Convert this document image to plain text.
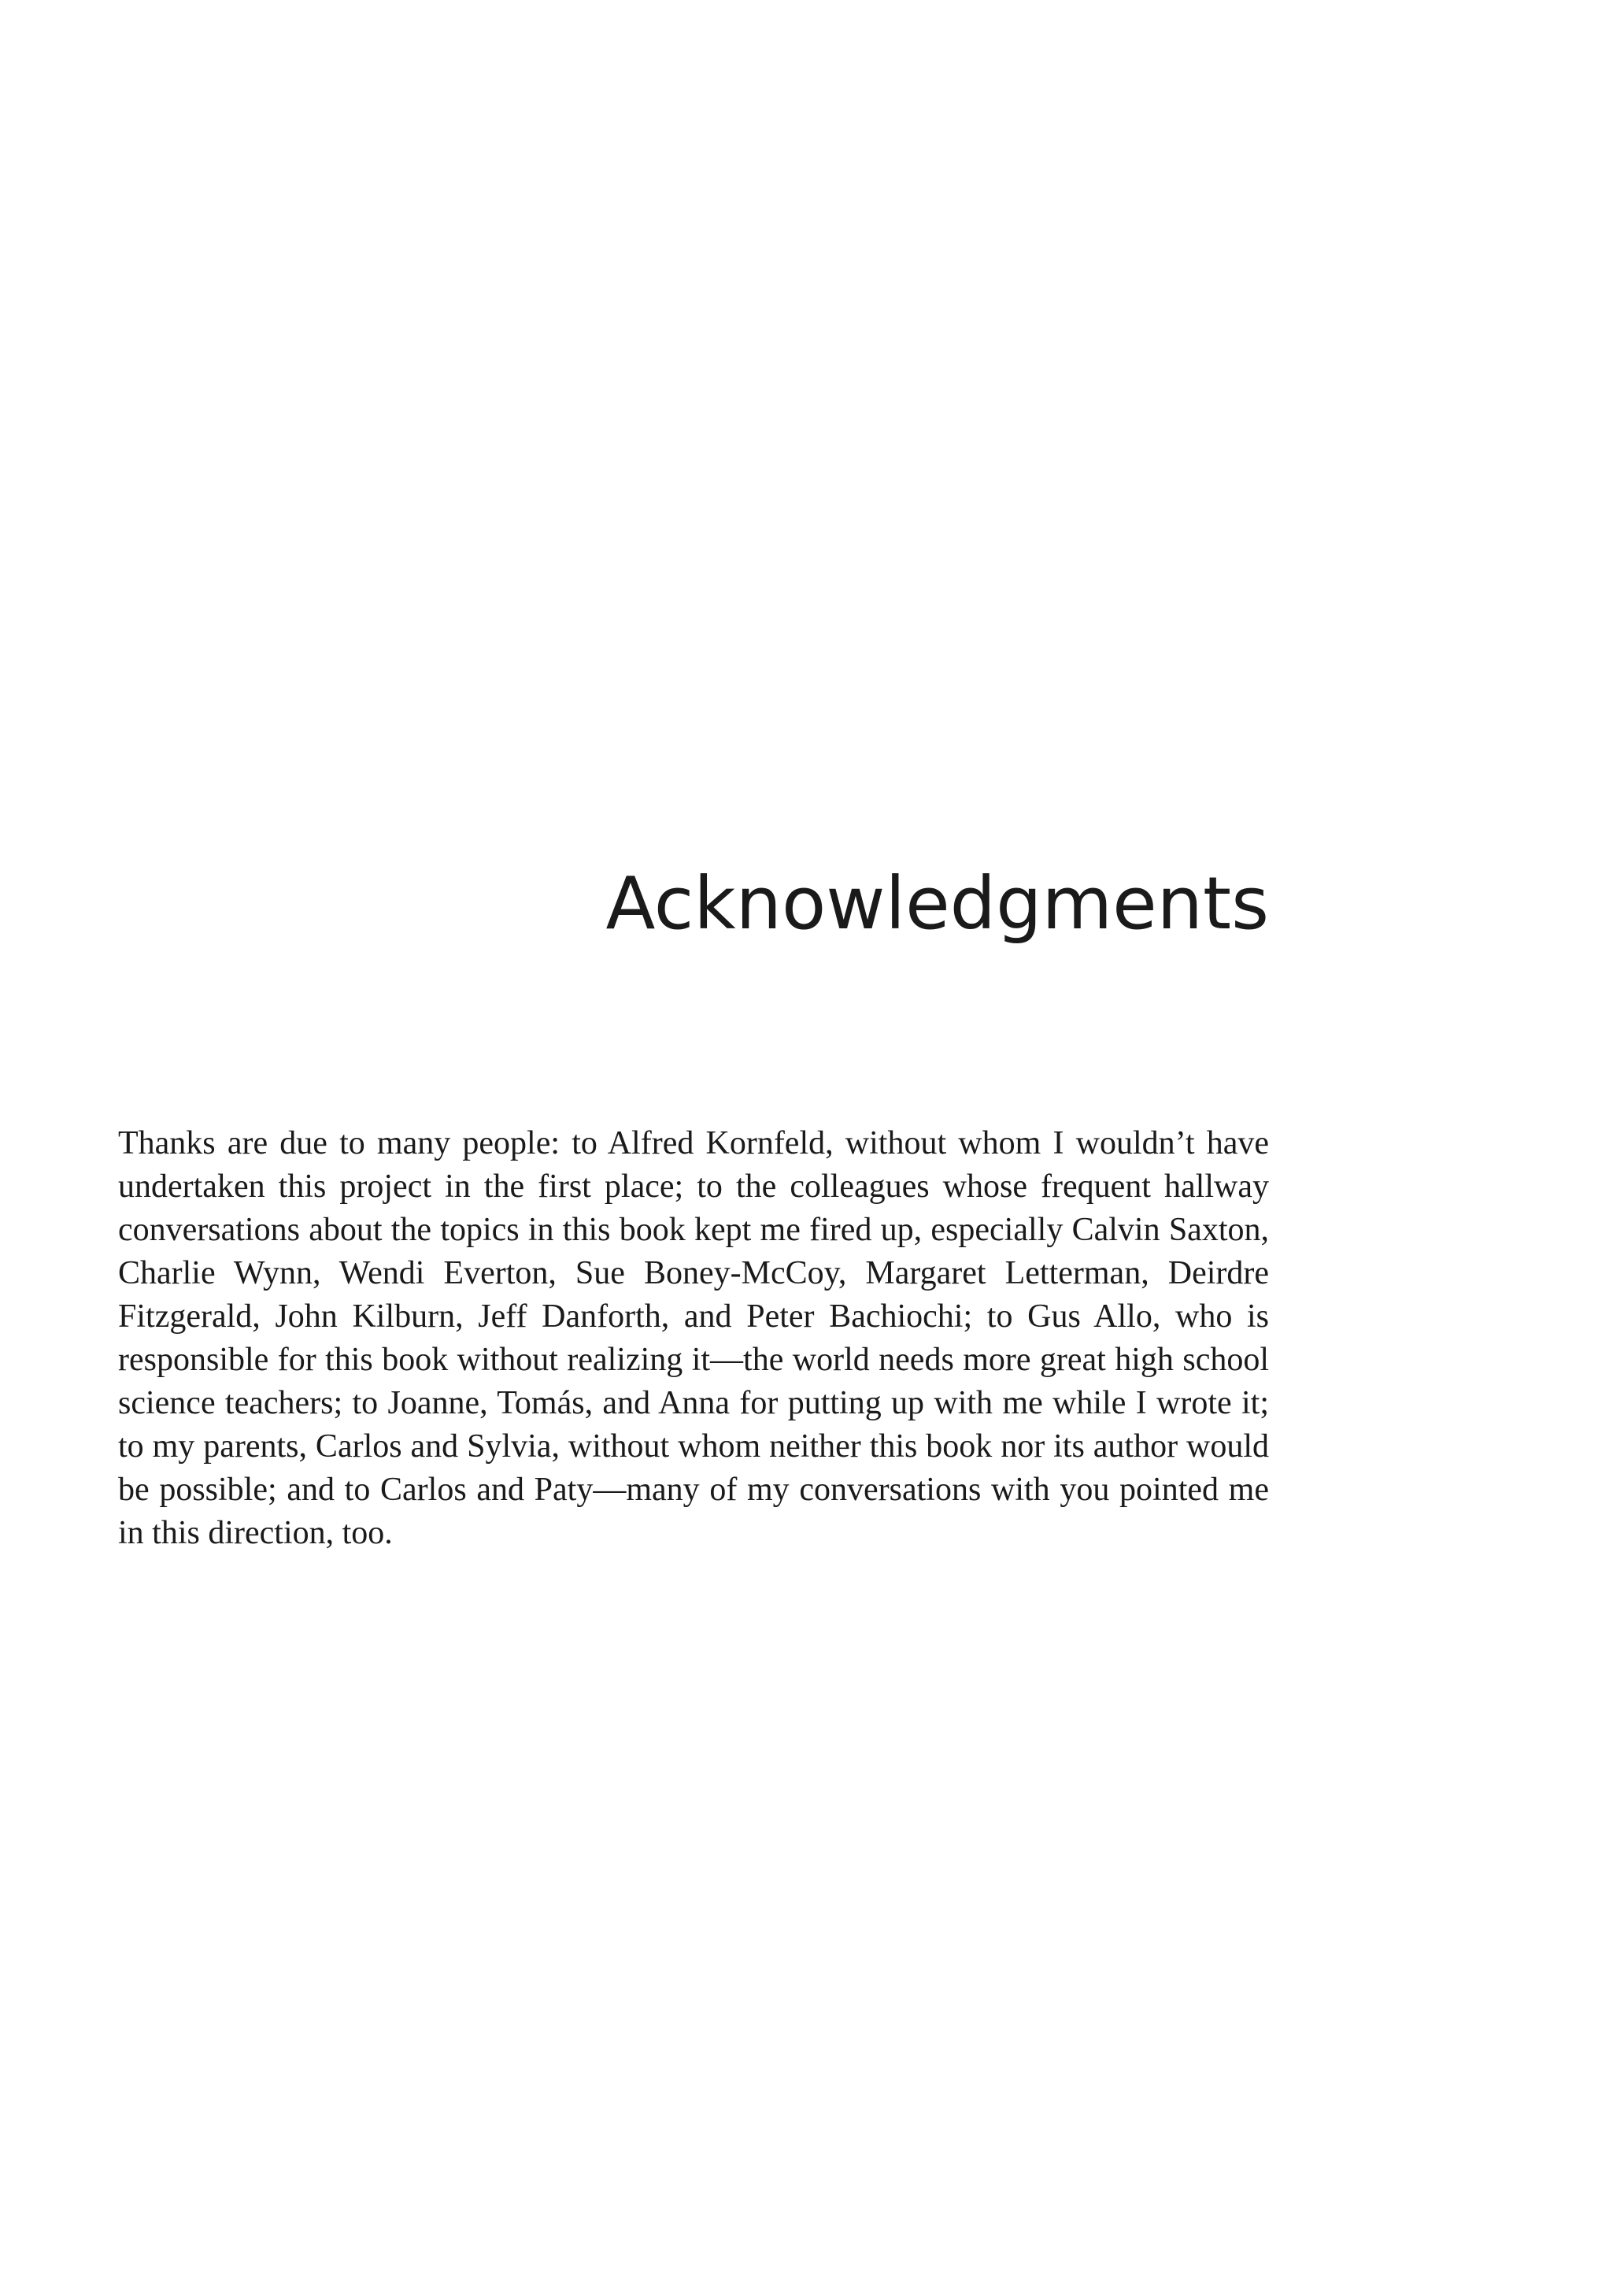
Acknowledgments

Thanks are due to many people: to Alfred Kornfeld, without whom I wouldn’t have undertaken this project in the first place; to the colleagues whose frequent hallway conversations about the topics in this book kept me fired up, especially Calvin Saxton, Charlie Wynn, Wendi Everton, Sue Boney-McCoy, Margaret Letterman, Deirdre Fitzgerald, John Kilburn, Jeff Danforth, and Peter Bachiochi; to Gus Allo, who is responsible for this book without realizing it—the world needs more great high school science teachers; to Joanne, Tomás, and Anna for putting up with me while I wrote it; to my parents, Carlos and Sylvia, without whom neither this book nor its author would be possible; and to Carlos and Paty—many of my conversations with you pointed me in this direction, too.
